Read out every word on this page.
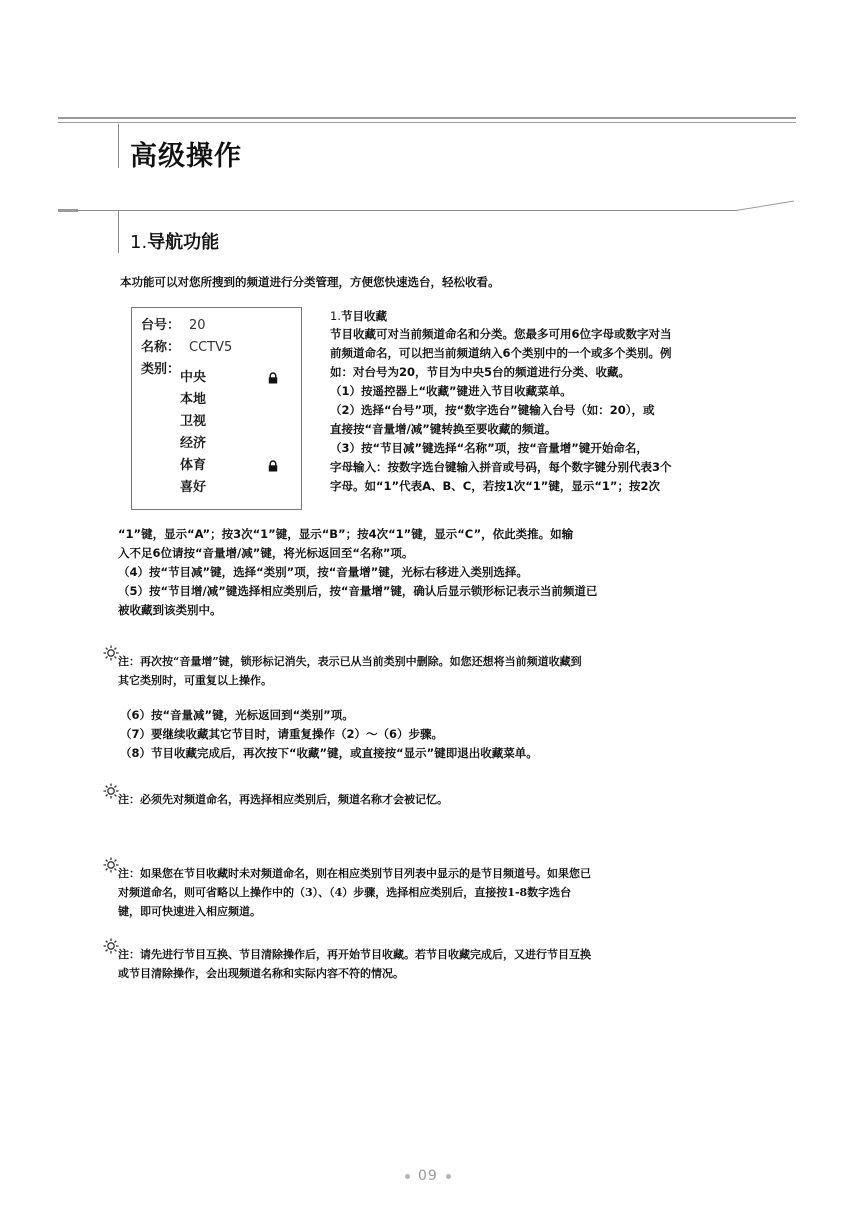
高级操作
1.导航功能
本功能可以对您所搜到的频道进行分类管理，方便您快速选台，轻松收看。
台号： 20
名称： CCTV5
类别：
中央
本地
卫视
经济
体育
喜好
1.节目收藏
节目收藏可对当前频道命名和分类。您最多可用6位字母或数字对当
前频道命名，可以把当前频道纳入6个类别中的一个或多个类别。例
如：对台号为20，节目为中央5台的频道进行分类、收藏。
（1）按遥控器上“收藏”键进入节目收藏菜单。
（2）选择“台号”项，按“数字选台”键输入台号（如：20），或
直接按“音量增/减”键转换至要收藏的频道。
（3）按“节目减”键选择“名称”项，按“音量增”键开始命名，
字母输入：按数字选台键输入拼音或号码，每个数字键分别代表3个
字母。如“1”代表A、B、C，若按1次“1”键，显示“1”；按2次
“1”键，显示“A”；按3次“1”键，显示“B”；按4次“1”键，显示“C”，依此类推。如输
入不足6位请按“音量增/减”键，将光标返回至“名称”项。
（4）按“节目减”键，选择“类别”项，按“音量增”键，光标右移进入类别选择。
（5）按“节目增/减”键选择相应类别后，按“音量增”键，确认后显示锁形标记表示当前频道已
被收藏到该类别中。
注：再次按“音量增”键，锁形标记消失，表示已从当前类别中删除。如您还想将当前频道收藏到
其它类别时，可重复以上操作。
（6）按“音量减”键，光标返回到“类别”项。
（7）要继续收藏其它节目时，请重复操作（2）～（6）步骤。
（8）节目收藏完成后，再次按下“收藏”键，或直接按“显示”键即退出收藏菜单。
注：必须先对频道命名，再选择相应类别后，频道名称才会被记忆。
注：如果您在节目收藏时未对频道命名，则在相应类别节目列表中显示的是节目频道号。如果您已
对频道命名，则可省略以上操作中的（3）、（4）步骤，选择相应类别后，直接按1-8数字选台
键，即可快速进入相应频道。
注：请先进行节目互换、节目清除操作后，再开始节目收藏。若节目收藏完成后，又进行节目互换
或节目清除操作，会出现频道名称和实际内容不符的情况。
09
